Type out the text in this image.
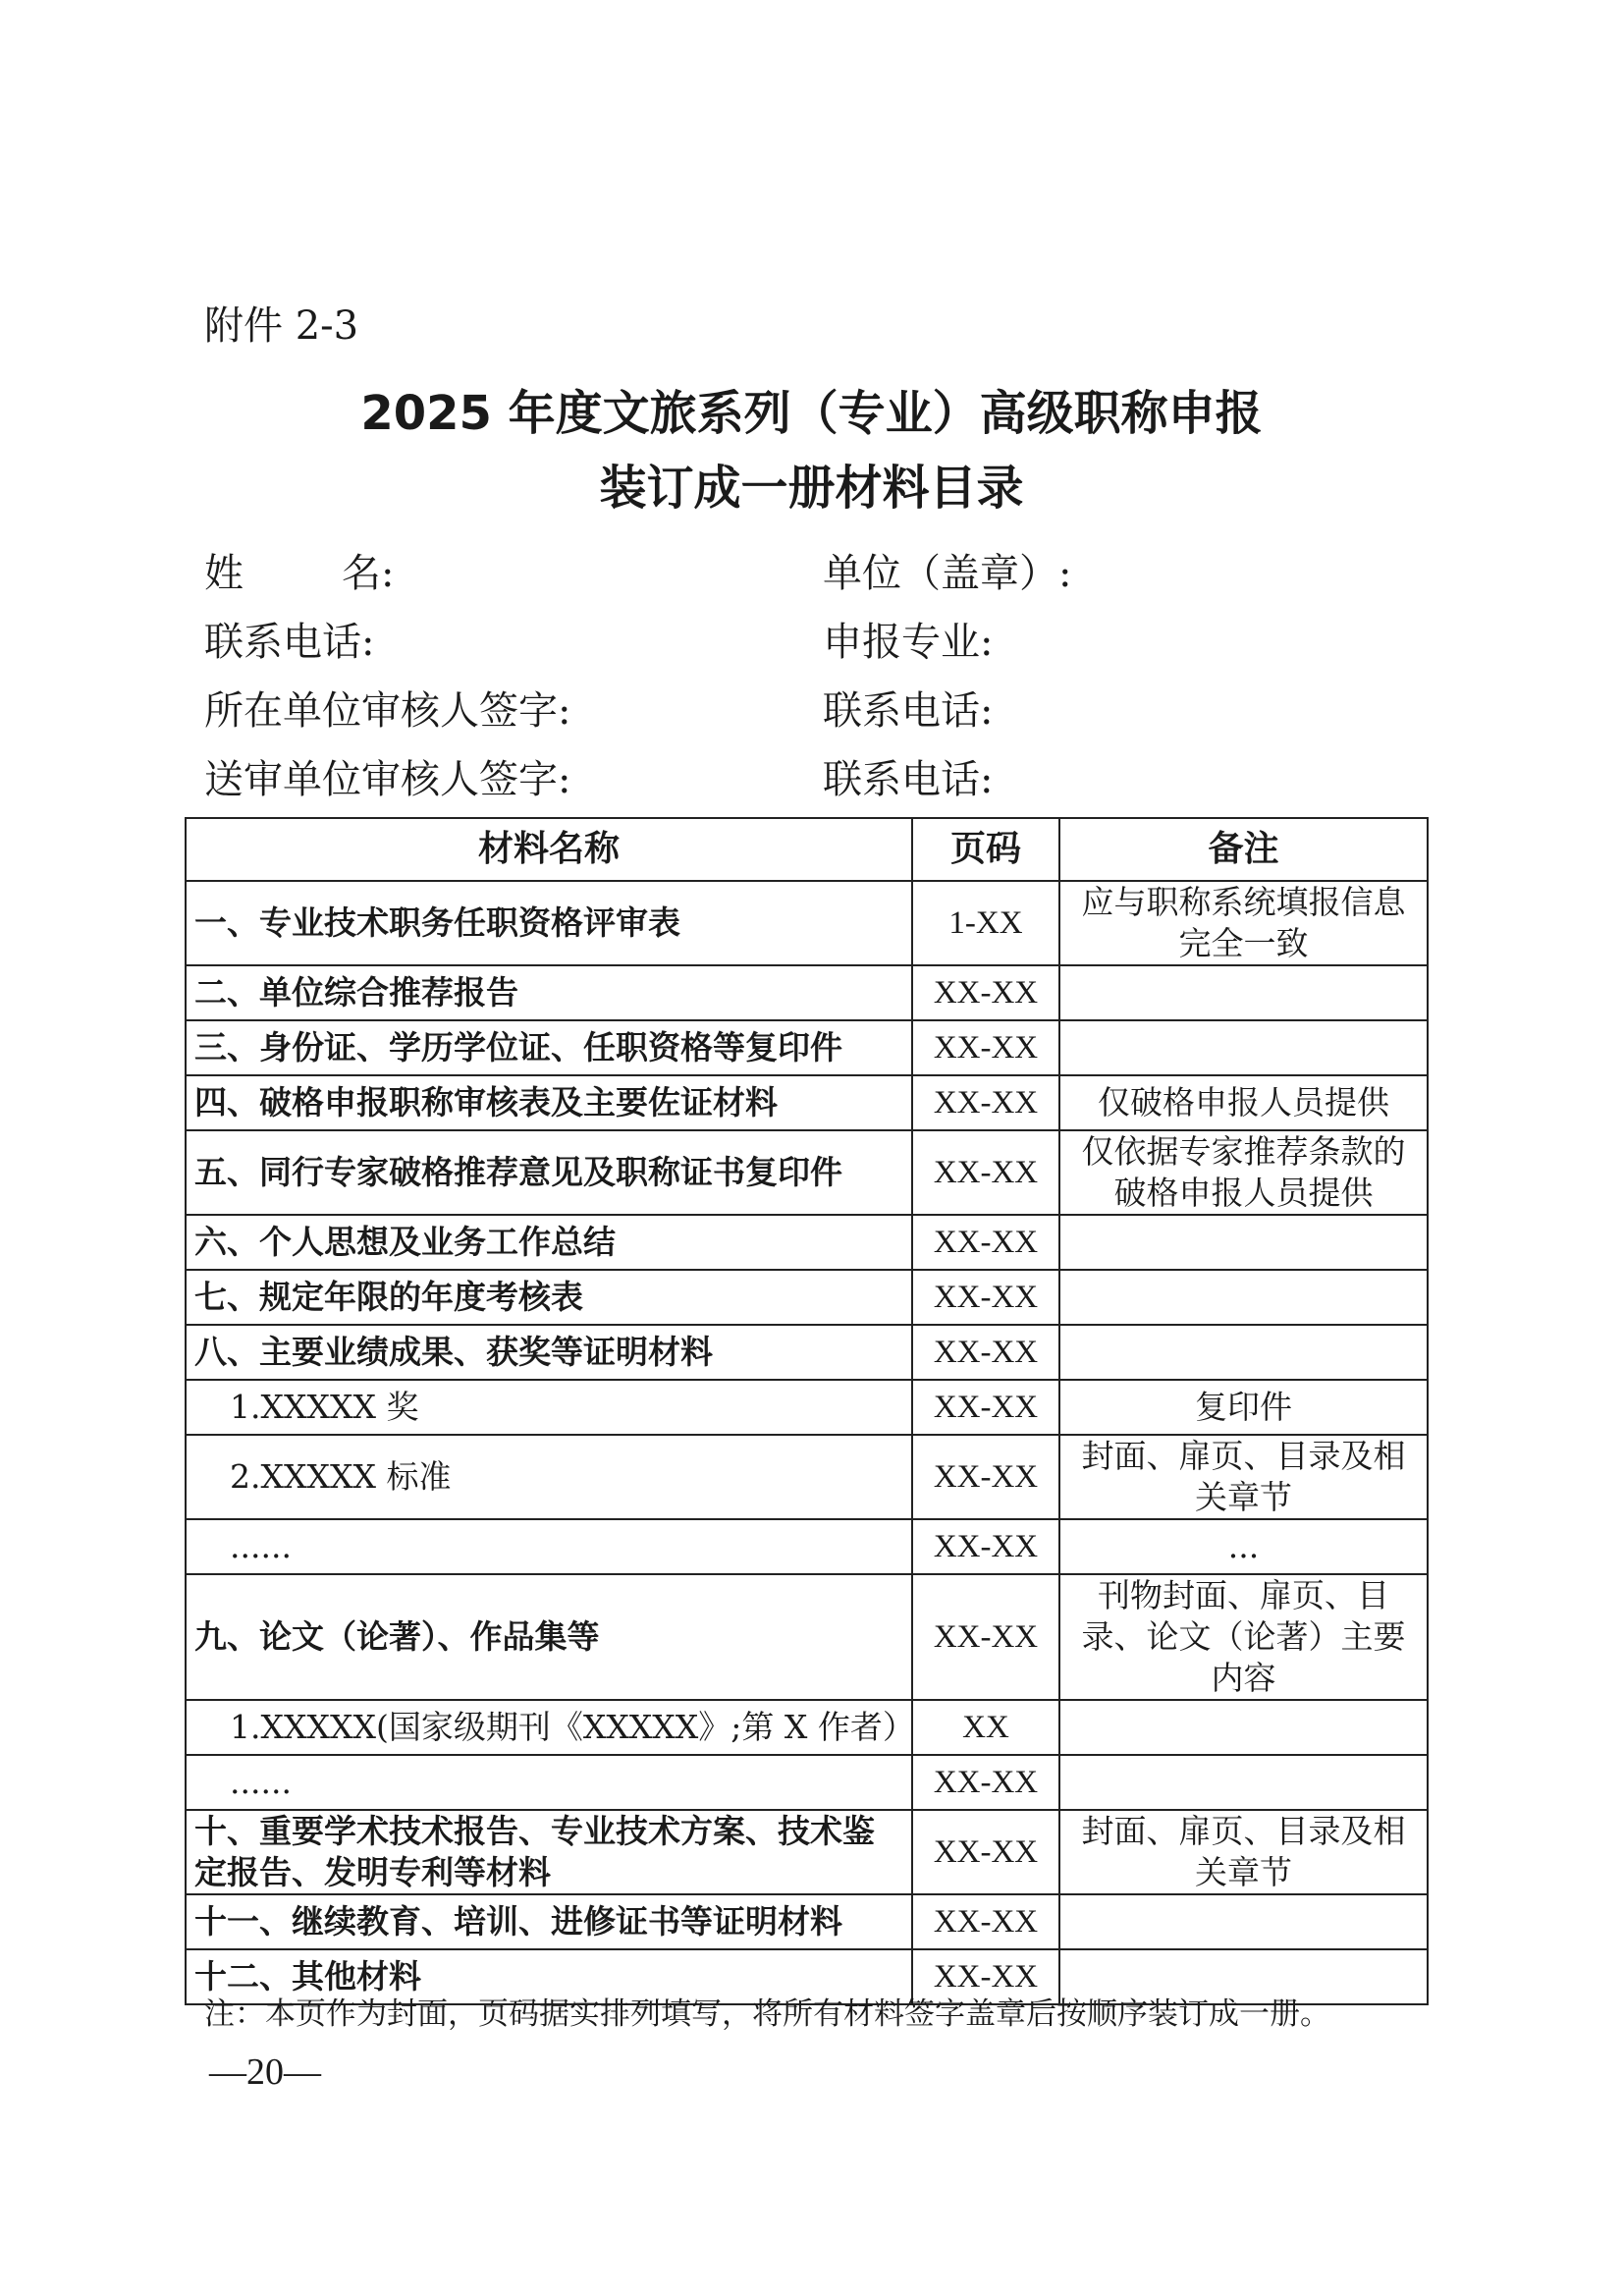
附件 2-3
2025 年度文旅系列（专业）高级职称申报
装订成一册材料目录
姓	名:	单位（盖章）:
联系电话:	申报专业:
所在单位审核人签字:	联系电话:
送审单位审核人签字:	联系电话:
材料名称	页码	备注
一、专业技术职务任职资格评审表	1-XX	应与职称系统填报信息完全一致
二、单位综合推荐报告	XX-XX	
三、身份证、学历学位证、任职资格等复印件	XX-XX	
四、破格申报职称审核表及主要佐证材料	XX-XX	仅破格申报人员提供
五、同行专家破格推荐意见及职称证书复印件	XX-XX	仅依据专家推荐条款的破格申报人员提供
六、个人思想及业务工作总结	XX-XX	
七、规定年限的年度考核表	XX-XX	
八、主要业绩成果、获奖等证明材料	XX-XX	
1.XXXXX 奖	XX-XX	复印件
2.XXXXX 标准	XX-XX	封面、扉页、目录及相关章节
......	XX-XX	...
九、论文（论著）、作品集等	XX-XX	刊物封面、扉页、目录、论文（论著）主要内容
1.XXXXX(国家级期刊《XXXXX》;第 X 作者）	XX	
......	XX-XX	
十、重要学术技术报告、专业技术方案、技术鉴定报告、发明专利等材料	XX-XX	封面、扉页、目录及相关章节
十一、继续教育、培训、进修证书等证明材料	XX-XX	
十二、其他材料	XX-XX	
注：本页作为封面，页码据实排列填写，将所有材料签字盖章后按顺序装订成一册。
—20—
